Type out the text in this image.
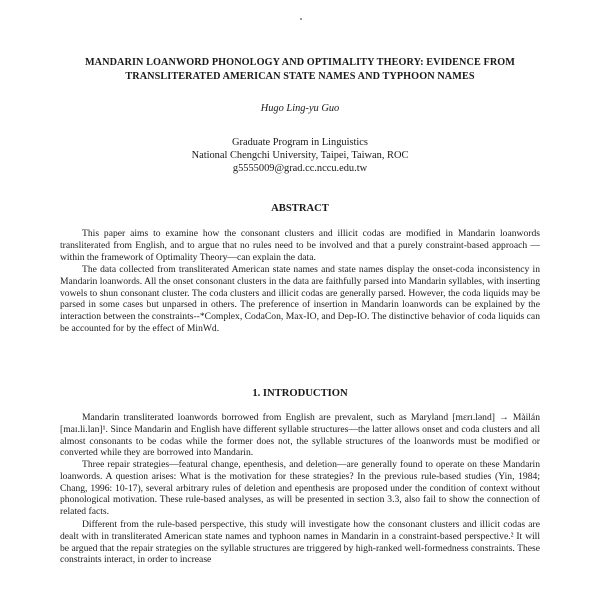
MANDARIN LOANWORD PHONOLOGY AND OPTIMALITY THEORY: EVIDENCE FROM
TRANSLITERATED AMERICAN STATE NAMES AND TYPHOON NAMES
Hugo Ling-yu Guo
Graduate Program in Linguistics
National Chengchi University, Taipei, Taiwan, ROC
g5555009@grad.cc.nccu.edu.tw
ABSTRACT
This paper aims to examine how the consonant clusters and illicit codas are modified in Mandarin loanwords transliterated from English, and to argue that no rules need to be involved and that a purely constraint-based approach —within the framework of Optimality Theory—can explain the data.
The data collected from transliterated American state names and state names display the onset-coda inconsistency in Mandarin loanwords. All the onset consonant clusters in the data are faithfully parsed into Mandarin syllables, with inserting vowels to shun consonant cluster. The coda clusters and illicit codas are generally parsed. However, the coda liquids may be parsed in some cases but unparsed in others. The preference of insertion in Mandarin loanwords can be explained by the interaction between the constraints--*Complex, CodaCon, Max-IO, and Dep-IO. The distinctive behavior of coda liquids can be accounted for by the effect of MinWd.
1. INTRODUCTION
Mandarin transliterated loanwords borrowed from English are prevalent, such as Maryland [mɛrɪ.lənd] → Màilán [maɪ.li.lan]¹. Since Mandarin and English have different syllable structures—the latter allows onset and coda clusters and all almost consonants to be codas while the former does not, the syllable structures of the loanwords must be modified or converted while they are borrowed into Mandarin.
Three repair strategies—featural change, epenthesis, and deletion—are generally found to operate on these Mandarin loanwords. A question arises: What is the motivation for these strategies? In the previous rule-based studies (Yin, 1984; Chang, 1996: 10-17), several arbitrary rules of deletion and epenthesis are proposed under the condition of context without phonological motivation. These rule-based analyses, as will be presented in section 3.3, also fail to show the connection of related facts.
Different from the rule-based perspective, this study will investigate how the consonant clusters and illicit codas are dealt with in transliterated American state names and typhoon names in Mandarin in a constraint-based perspective.² It will be argued that the repair strategies on the syllable structures are triggered by high-ranked well-formedness constraints. These constraints interact, in order to increase
